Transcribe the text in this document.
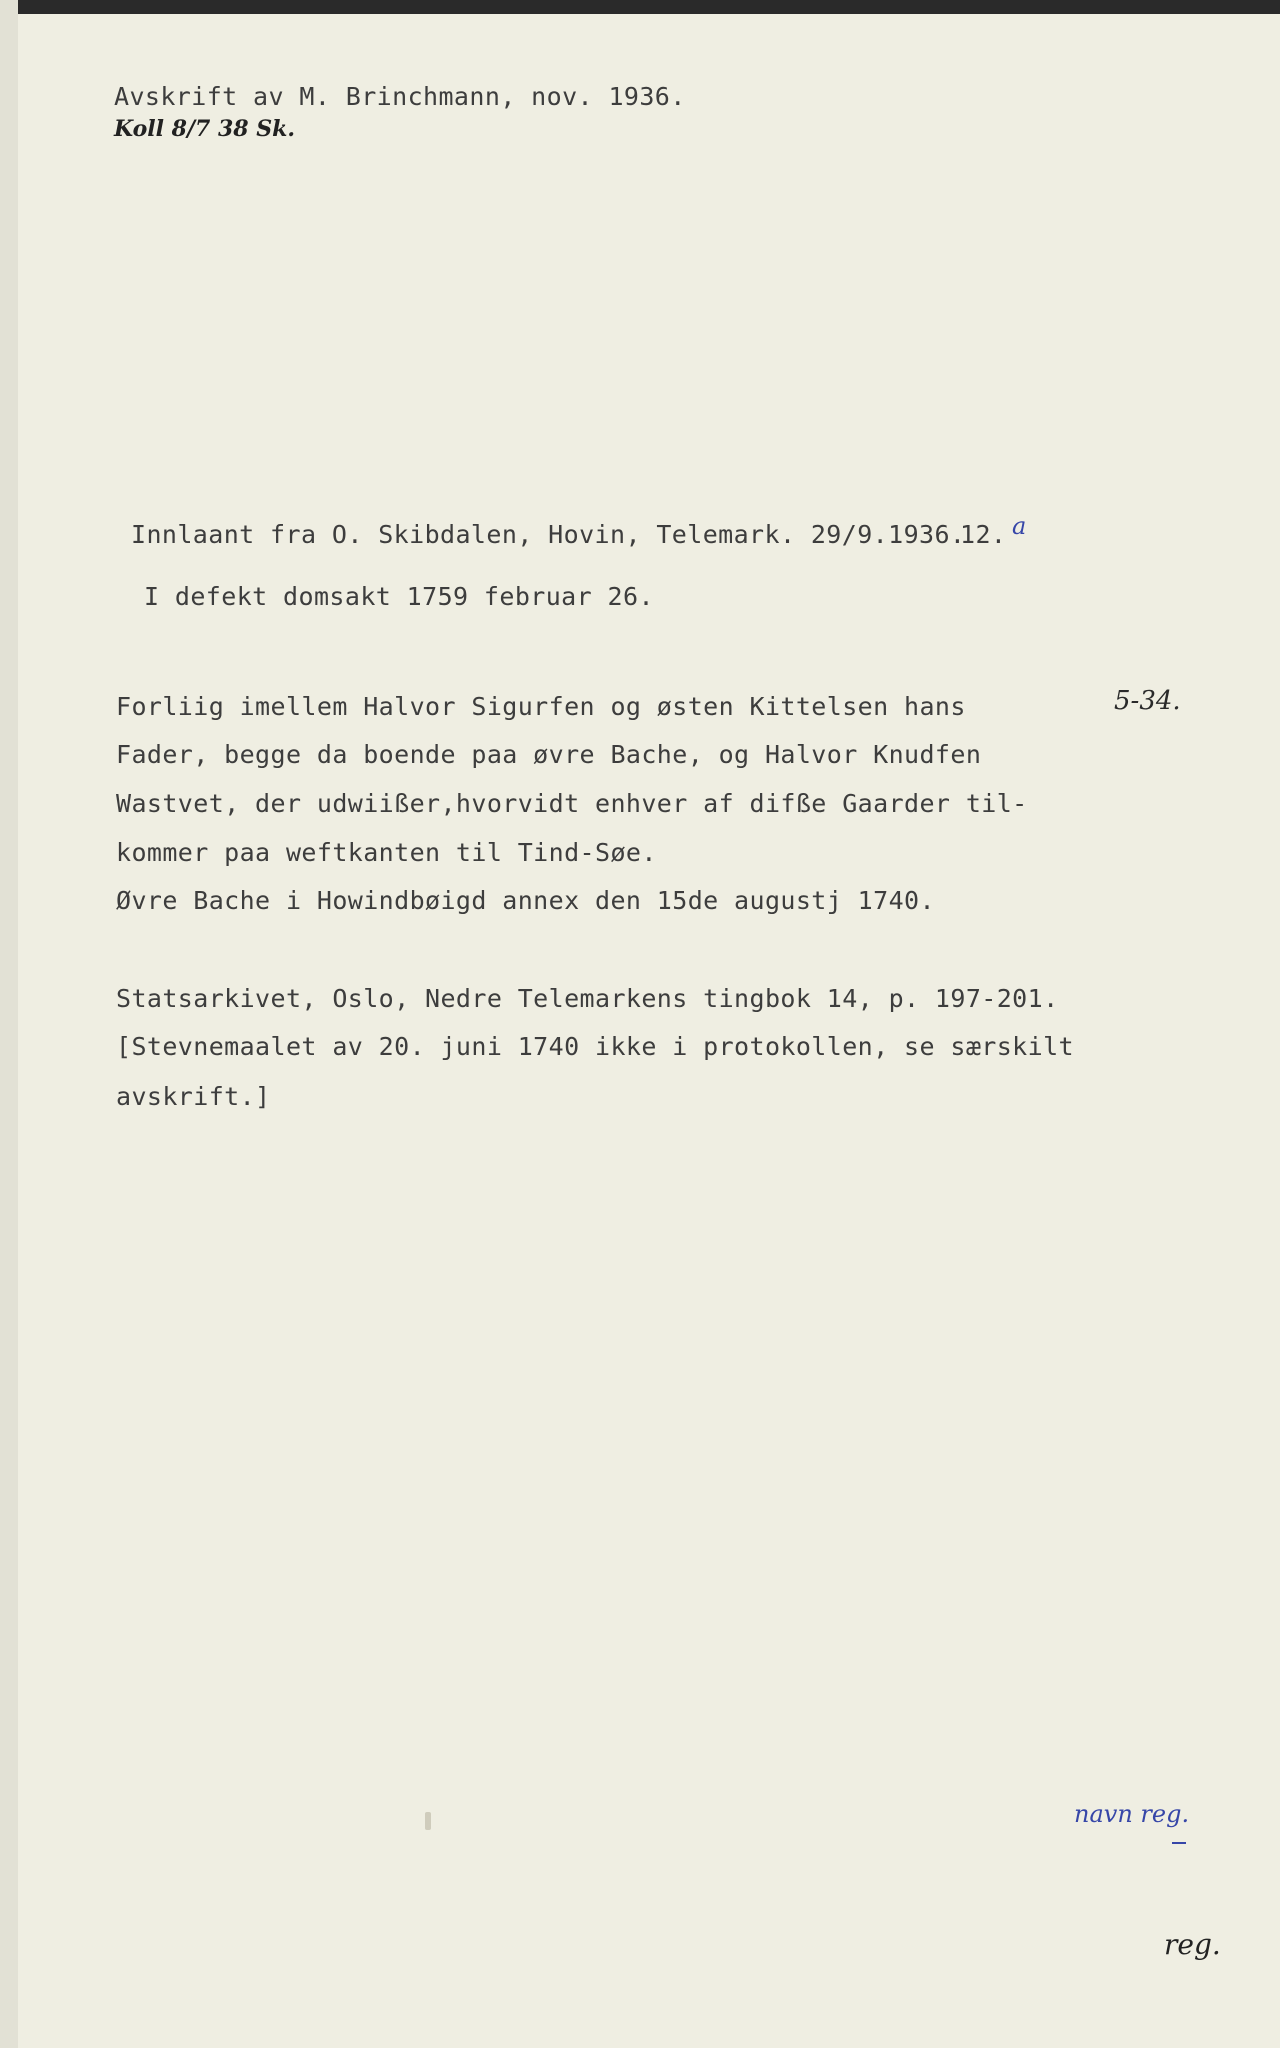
Avskrift av M. Brinchmann, nov. 1936.
Koll 8/7 38 Sk.
Innlaant fra O. Skibdalen, Hovin, Telemark. 29/9.1936.
12. a
I defekt domsakt 1759 februar 26.
5-34.
Forliig imellem Halvor Sigurfen og østen Kittelsen hans
Fader, begge da boende paa øvre Bache, og Halvor Knudfen
Wastvet, der udwiißer,hvorvidt enhver af difße Gaarder til-
kommer paa weftkanten til Tind-Søe.
Øvre Bache i Howindbøigd annex den 15de augustj 1740.
Statsarkivet, Oslo, Nedre Telemarkens tingbok 14, p. 197-201.
[Stevnemaalet av 20. juni 1740 ikke i protokollen, se særskilt
avskrift.]
navn reg.
reg.
